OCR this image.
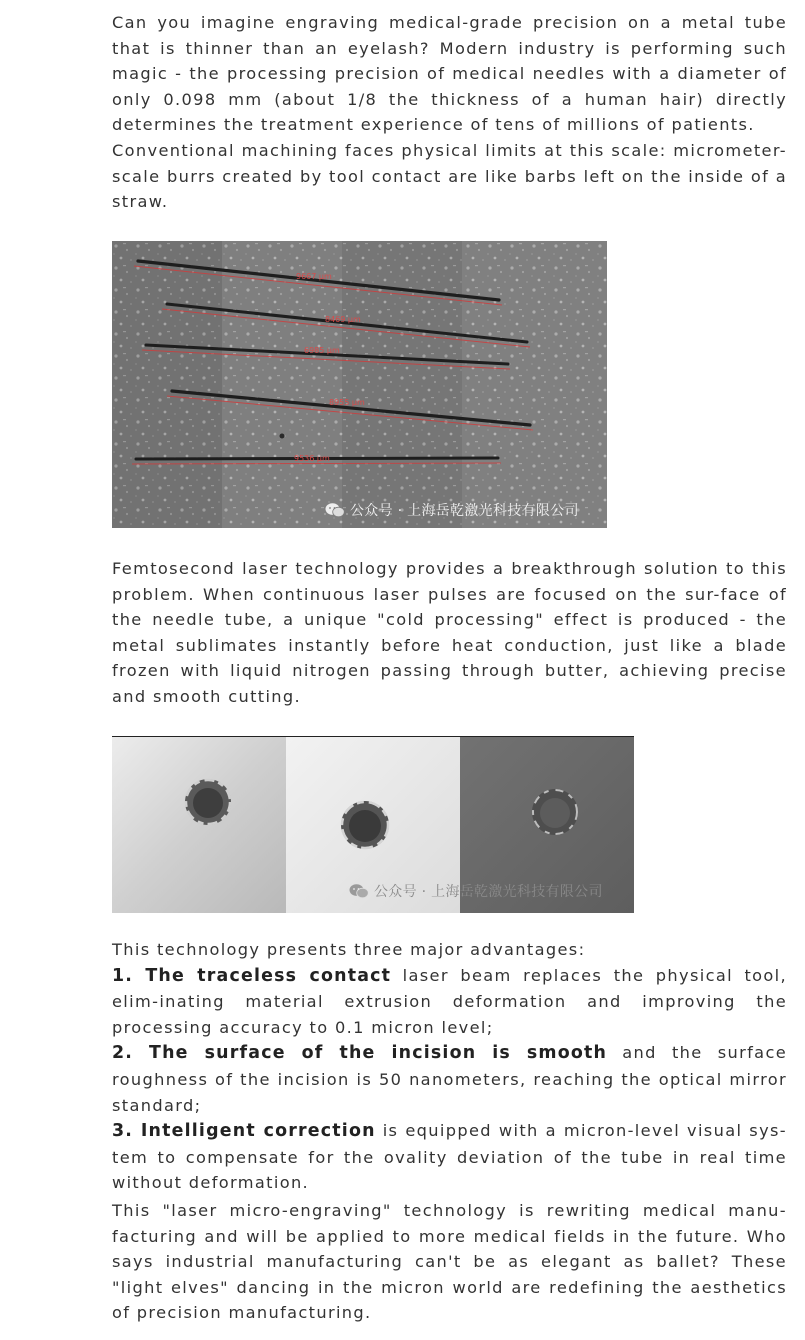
Can you imagine engraving medical-grade precision on a metal tube that is thinner than an eyelash? Modern industry is performing such magic - the processing precision of medical needles with a diameter of only 0.098 mm (about 1/8 the thickness of a human hair) directly determines the treatment experience of tens of millions of patients.

Conventional machining faces physical limits at this scale: micrometer-scale burrs created by tool contact are like barbs left on the inside of a straw.

9667 μm
8469 μm
6985 μm
8955 μm
9536 μm
公众号 · 上海岳乾激光科技有限公司

Femtosecond laser technology provides a breakthrough solution to this problem. When continuous laser pulses are focused on the sur-face of the needle tube, a unique "cold processing" effect is produced - the metal sublimates instantly before heat conduction, just like a blade frozen with liquid nitrogen passing through butter, achieving precise and smooth cutting.

公众号 · 上海岳乾激光科技有限公司

This technology presents three major advantages:

1. The traceless contact laser beam replaces the physical tool, elim-inating material extrusion deformation and improving the processing accuracy to 0.1 micron level;

2. The surface of the incision is smooth and the surface roughness of the incision is 50 nanometers, reaching the optical mirror standard;

3. Intelligent correction is equipped with a micron-level visual sys-tem to compensate for the ovality deviation of the tube in real time without deformation.

This "laser micro-engraving" technology is rewriting medical manu-facturing and will be applied to more medical fields in the future. Who says industrial manufacturing can't be as elegant as ballet? These "light elves" dancing in the micron world are redefining the aesthetics of precision manufacturing.
